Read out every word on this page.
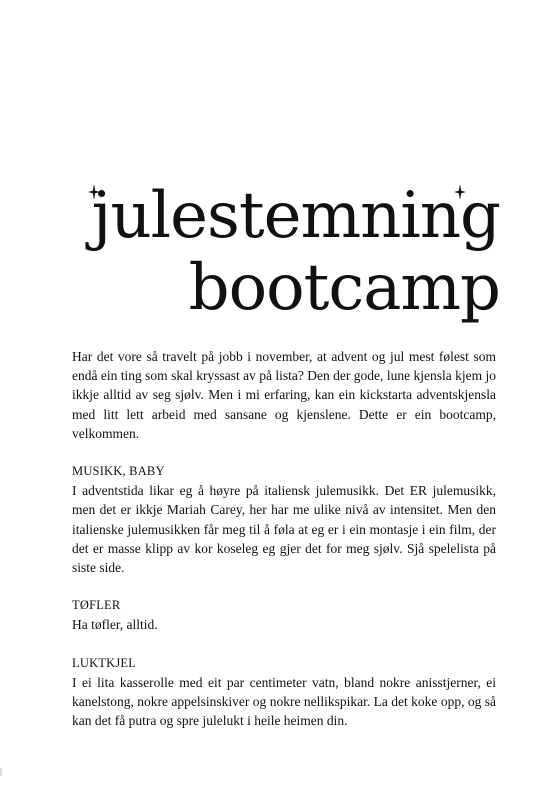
julestemning
bootcamp

Har det vore så travelt på jobb i november, at advent og jul mest følest som endå ein ting som skal kryssast av på lista? Den der gode, lune kjensla kjem jo ikkje alltid av seg sjølv. Men i mi erfaring, kan ein kickstarta adventskjensla med litt lett arbeid med sansane og kjenslene. Dette er ein bootcamp, velkommen.

MUSIKK, BABY

I adventstida likar eg å høyre på italiensk julemusikk. Det ER julemusikk, men det er ikkje Mariah Carey, her har me ulike nivå av intensitet. Men den italienske julemusikken får meg til å føla at eg er i ein montasje i ein film, der det er masse klipp av kor koseleg eg gjer det for meg sjølv. Sjå spelelista på siste side.

TØFLER

Ha tøfler, alltid.

LUKTKJEL

I ei lita kasserolle med eit par centimeter vatn, bland nokre anisstjerner, ei kanelstong, nokre appelsinskiver og nokre nellikspikar. La det koke opp, og så kan det få putra og spre julelukt i heile heimen din.
